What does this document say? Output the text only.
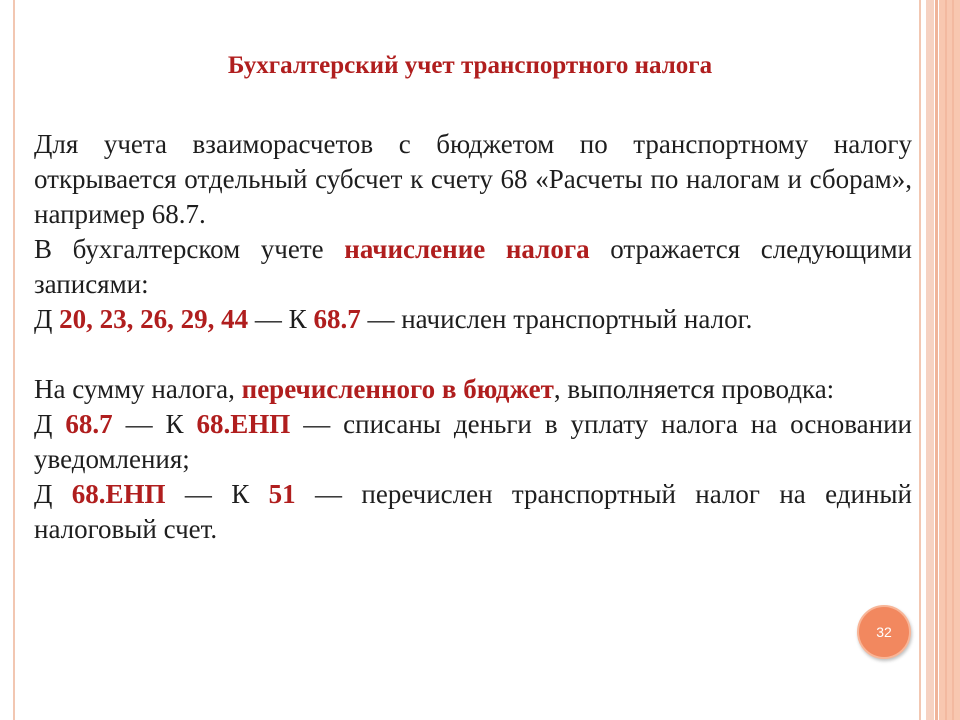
Бухгалтерский учет транспортного налога

Для учета взаиморасчетов с бюджетом по транспортному налогу открывается отдельный субсчет к счету 68 «Расчеты по налогам и сборам», например 68.7.

В бухгалтерском учете начисление налога отражается следующими записями:

Д 20, 23, 26, 29, 44 — К 68.7 — начислен транспортный налог.

На сумму налога, перечисленного в бюджет, выполняется проводка:

Д 68.7 — К 68.ЕНП — списаны деньги в уплату налога на основании уведомления;

Д 68.ЕНП — К 51 — перечислен транспортный налог на единый налоговый счет.

32
